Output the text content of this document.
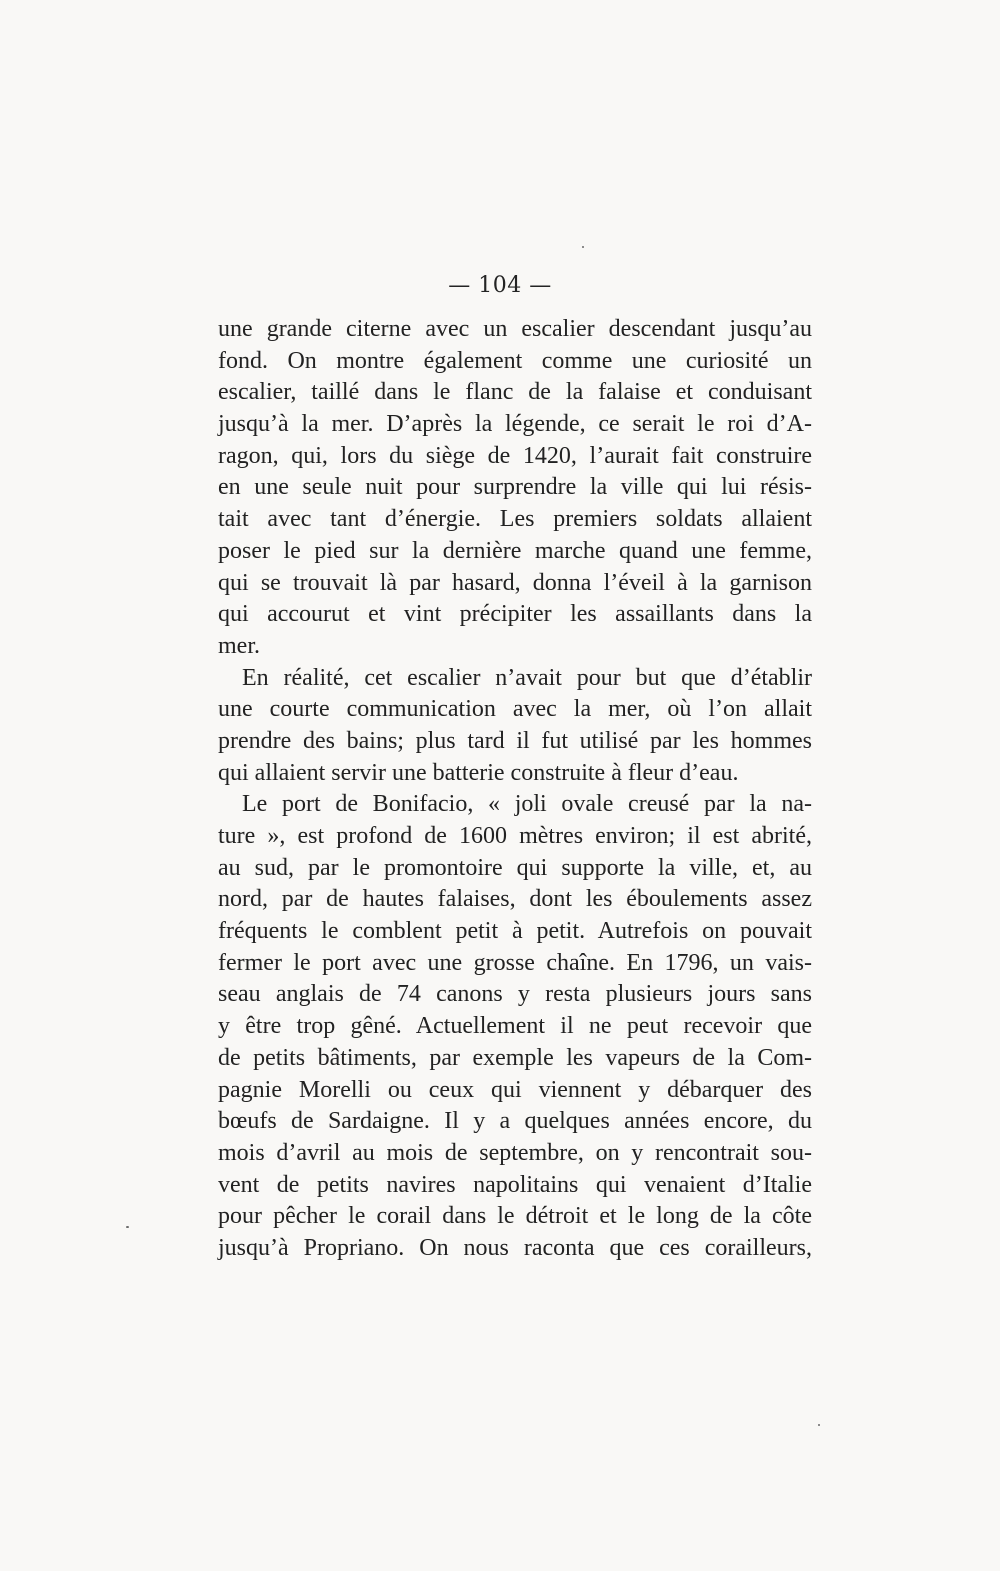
— 104 —
une grande citerne avec un escalier descendant jusqu’au
fond. On montre également comme une curiosité un
escalier, taillé dans le flanc de la falaise et conduisant
jusqu’à la mer. D’après la légende, ce serait le roi d’A-
ragon, qui, lors du siège de 1420, l’aurait fait construire
en une seule nuit pour surprendre la ville qui lui résis-
tait avec tant d’énergie. Les premiers soldats allaient
poser le pied sur la dernière marche quand une femme,
qui se trouvait là par hasard, donna l’éveil à la garnison
qui accourut et vint précipiter les assaillants dans la
mer.
En réalité, cet escalier n’avait pour but que d’établir
une courte communication avec la mer, où l’on allait
prendre des bains; plus tard il fut utilisé par les hommes
qui allaient servir une batterie construite à fleur d’eau.
Le port de Bonifacio, « joli ovale creusé par la na-
ture », est profond de 1600 mètres environ; il est abrité,
au sud, par le promontoire qui supporte la ville, et, au
nord, par de hautes falaises, dont les éboulements assez
fréquents le comblent petit à petit. Autrefois on pouvait
fermer le port avec une grosse chaîne. En 1796, un vais-
seau anglais de 74 canons y resta plusieurs jours sans
y être trop gêné. Actuellement il ne peut recevoir que
de petits bâtiments, par exemple les vapeurs de la Com-
pagnie Morelli ou ceux qui viennent y débarquer des
bœufs de Sardaigne. Il y a quelques années encore, du
mois d’avril au mois de septembre, on y rencontrait sou-
vent de petits navires napolitains qui venaient d’Italie
pour pêcher le corail dans le détroit et le long de la côte
jusqu’à Propriano. On nous raconta que ces corailleurs,
